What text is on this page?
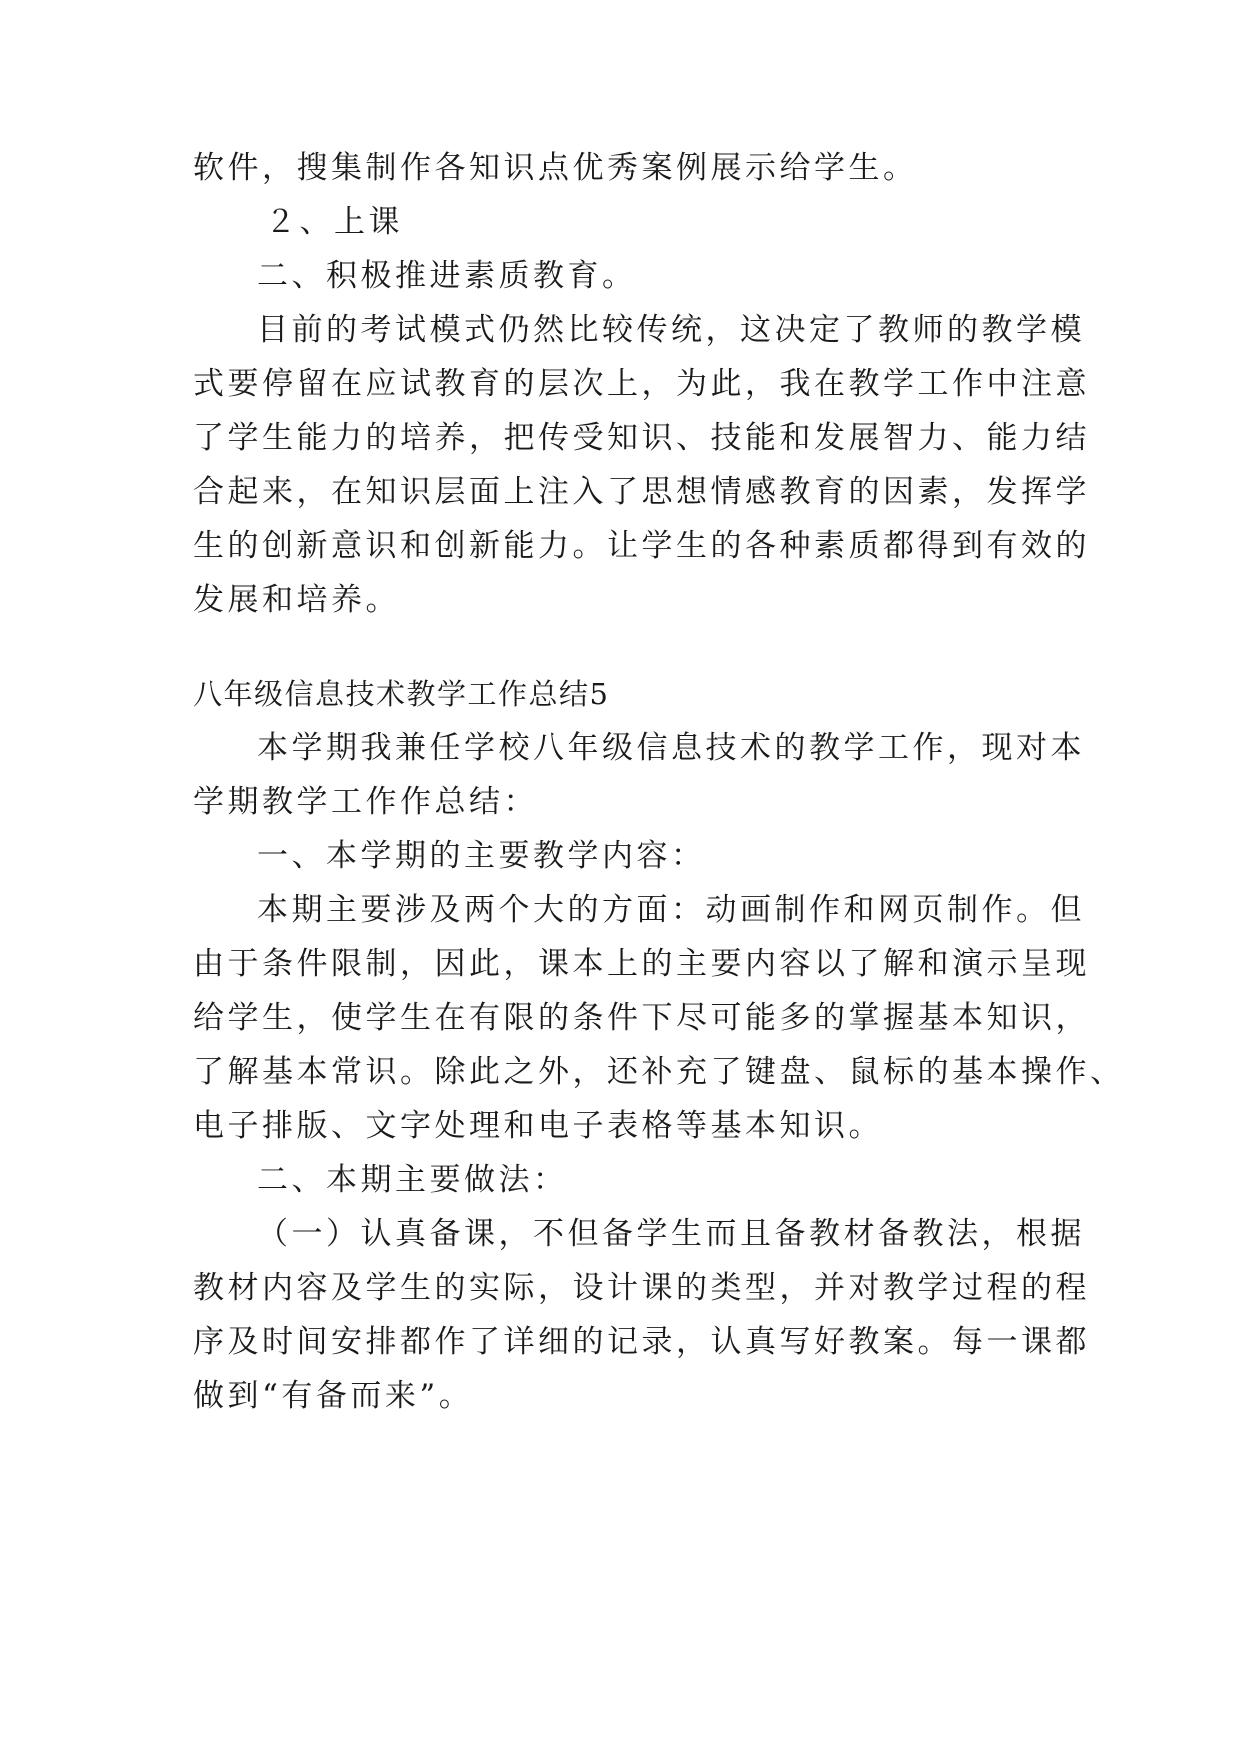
软件，搜集制作各知识点优秀案例展示给学生。
２、上课
二、积极推进素质教育。
目前的考试模式仍然比较传统，这决定了教师的教学模
式要停留在应试教育的层次上，为此，我在教学工作中注意
了学生能力的培养，把传受知识、技能和发展智力、能力结
合起来，在知识层面上注入了思想情感教育的因素，发挥学
生的创新意识和创新能力。让学生的各种素质都得到有效的
发展和培养。
八年级信息技术教学工作总结5
本学期我兼任学校八年级信息技术的教学工作，现对本
学期教学工作作总结：
一、本学期的主要教学内容：
本期主要涉及两个大的方面：动画制作和网页制作。但
由于条件限制，因此，课本上的主要内容以了解和演示呈现
给学生，使学生在有限的条件下尽可能多的掌握基本知识，
了解基本常识。除此之外，还补充了键盘、鼠标的基本操作、
电子排版、文字处理和电子表格等基本知识。
二、本期主要做法：
（一）认真备课，不但备学生而且备教材备教法，根据
教材内容及学生的实际，设计课的类型，并对教学过程的程
序及时间安排都作了详细的记录，认真写好教案。每一课都
做到“有备而来”。
